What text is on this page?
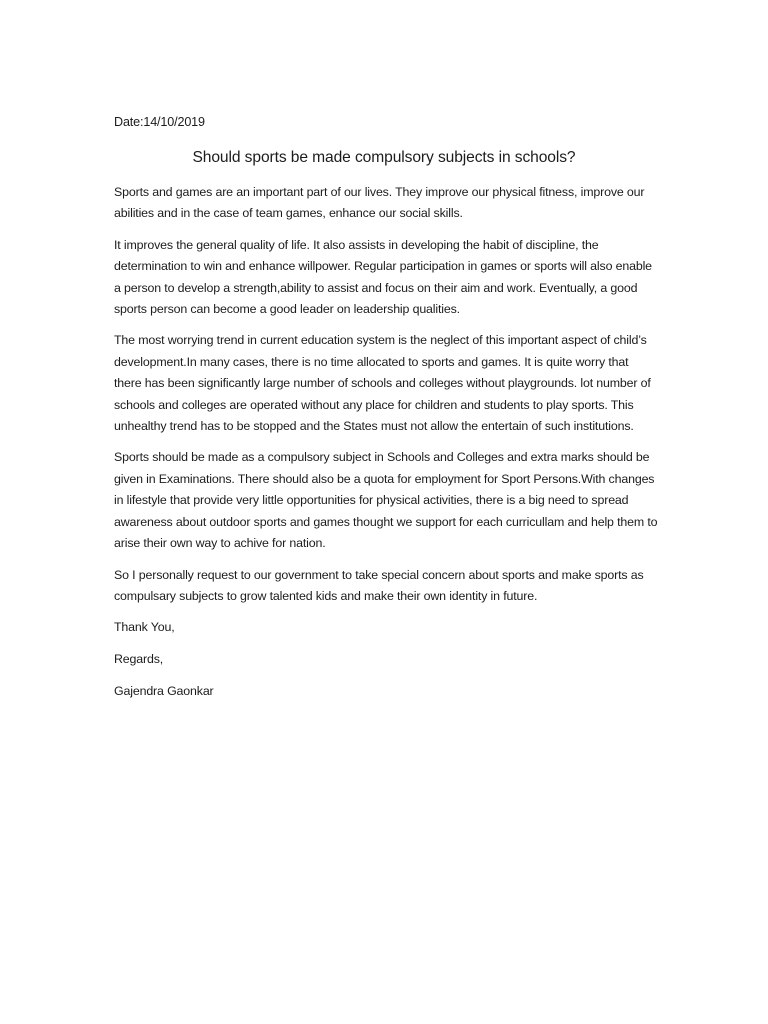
Date:14/10/2019
Should sports be made compulsory subjects in schools?

Sports and games are an important part of our lives. They improve our physical fitness, improve our abilities and in the case of team games, enhance our social skills.

It improves the general quality of life. It also assists in developing the habit of discipline, the determination to win and enhance willpower. Regular participation in games or sports will also enable a person to develop a strength,ability to assist and focus on their aim and work. Eventually, a good sports person can become a good leader on leadership qualities.

The most worrying trend in current education system is the neglect of this important aspect of child’s development.In many cases, there is no time allocated to sports and games. It is quite worry that there has been significantly large number of schools and colleges without playgrounds. lot number of schools and colleges are operated without any place for children and students to play sports. This unhealthy trend has to be stopped and the States must not allow the entertain of such institutions.

Sports should be made as a compulsory subject in Schools and Colleges and extra marks should be given in Examinations. There should also be a quota for employment for Sport Persons.With changes in lifestyle that provide very little opportunities for physical activities, there is a big need to spread awareness about outdoor sports and games thought we support for each curricullam and help them to arise their own way to achive for nation.

So I personally request to our government to take special concern about sports and make sports as compulsary subjects to grow talented kids and make their own identity in future.

Thank You,

Regards,

Gajendra Gaonkar
